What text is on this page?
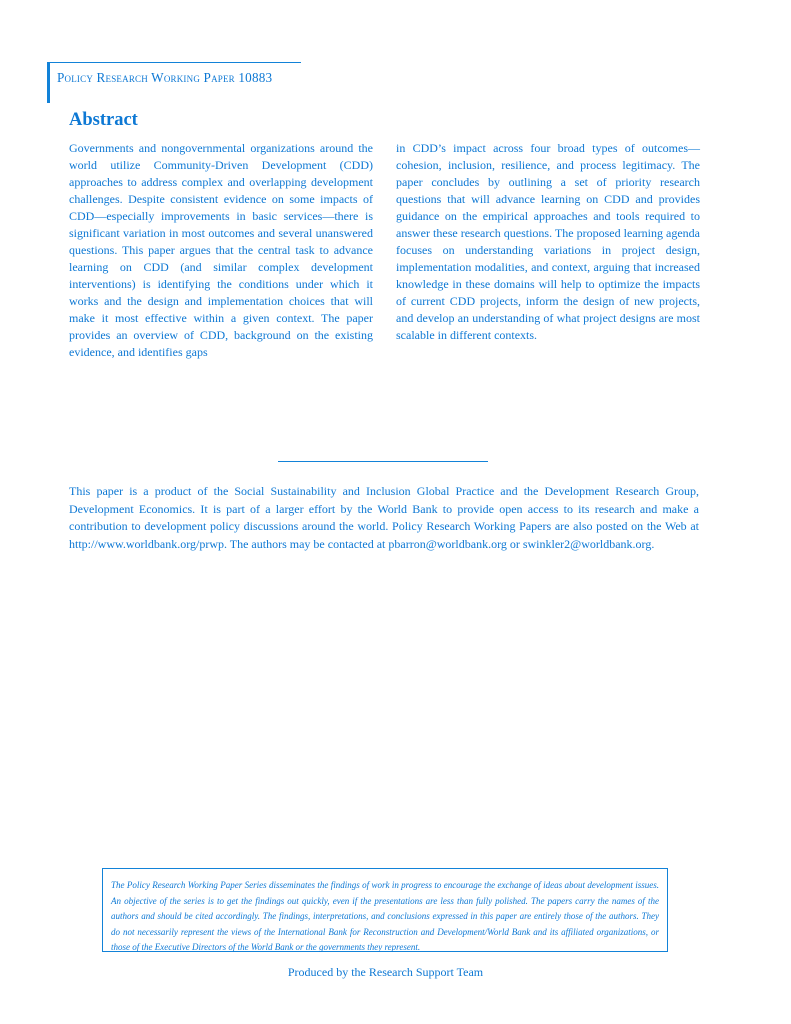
Policy Research Working Paper 10883
Abstract

Governments and nongovernmental organizations around the world utilize Community-Driven Development (CDD) approaches to address complex and overlapping development challenges. Despite consistent evidence on some impacts of CDD—especially improvements in basic services—there is significant variation in most outcomes and several unanswered questions. This paper argues that the central task to advance learning on CDD (and similar complex development interventions) is identifying the conditions under which it works and the design and implementation choices that will make it most effective within a given context. The paper provides an overview of CDD, background on the existing evidence, and identifies gaps

in CDD’s impact across four broad types of outcomes—cohesion, inclusion, resilience, and process legitimacy. The paper concludes by outlining a set of priority research questions that will advance learning on CDD and provides guidance on the empirical approaches and tools required to answer these research questions. The proposed learning agenda focuses on understanding variations in project design, implementation modalities, and context, arguing that increased knowledge in these domains will help to optimize the impacts of current CDD projects, inform the design of new projects, and develop an understanding of what project designs are most scalable in different contexts.

This paper is a product of the Social Sustainability and Inclusion Global Practice and the Development Research Group, Development Economics. It is part of a larger effort by the World Bank to provide open access to its research and make a contribution to development policy discussions around the world. Policy Research Working Papers are also posted on the Web at http://www.worldbank.org/prwp. The authors may be contacted at pbarron@worldbank.org or swinkler2@worldbank.org.

The Policy Research Working Paper Series disseminates the findings of work in progress to encourage the exchange of ideas about development issues. An objective of the series is to get the findings out quickly, even if the presentations are less than fully polished. The papers carry the names of the authors and should be cited accordingly. The findings, interpretations, and conclusions expressed in this paper are entirely those of the authors. They do not necessarily represent the views of the International Bank for Reconstruction and Development/World Bank and its affiliated organizations, or those of the Executive Directors of the World Bank or the governments they represent.

Produced by the Research Support Team
